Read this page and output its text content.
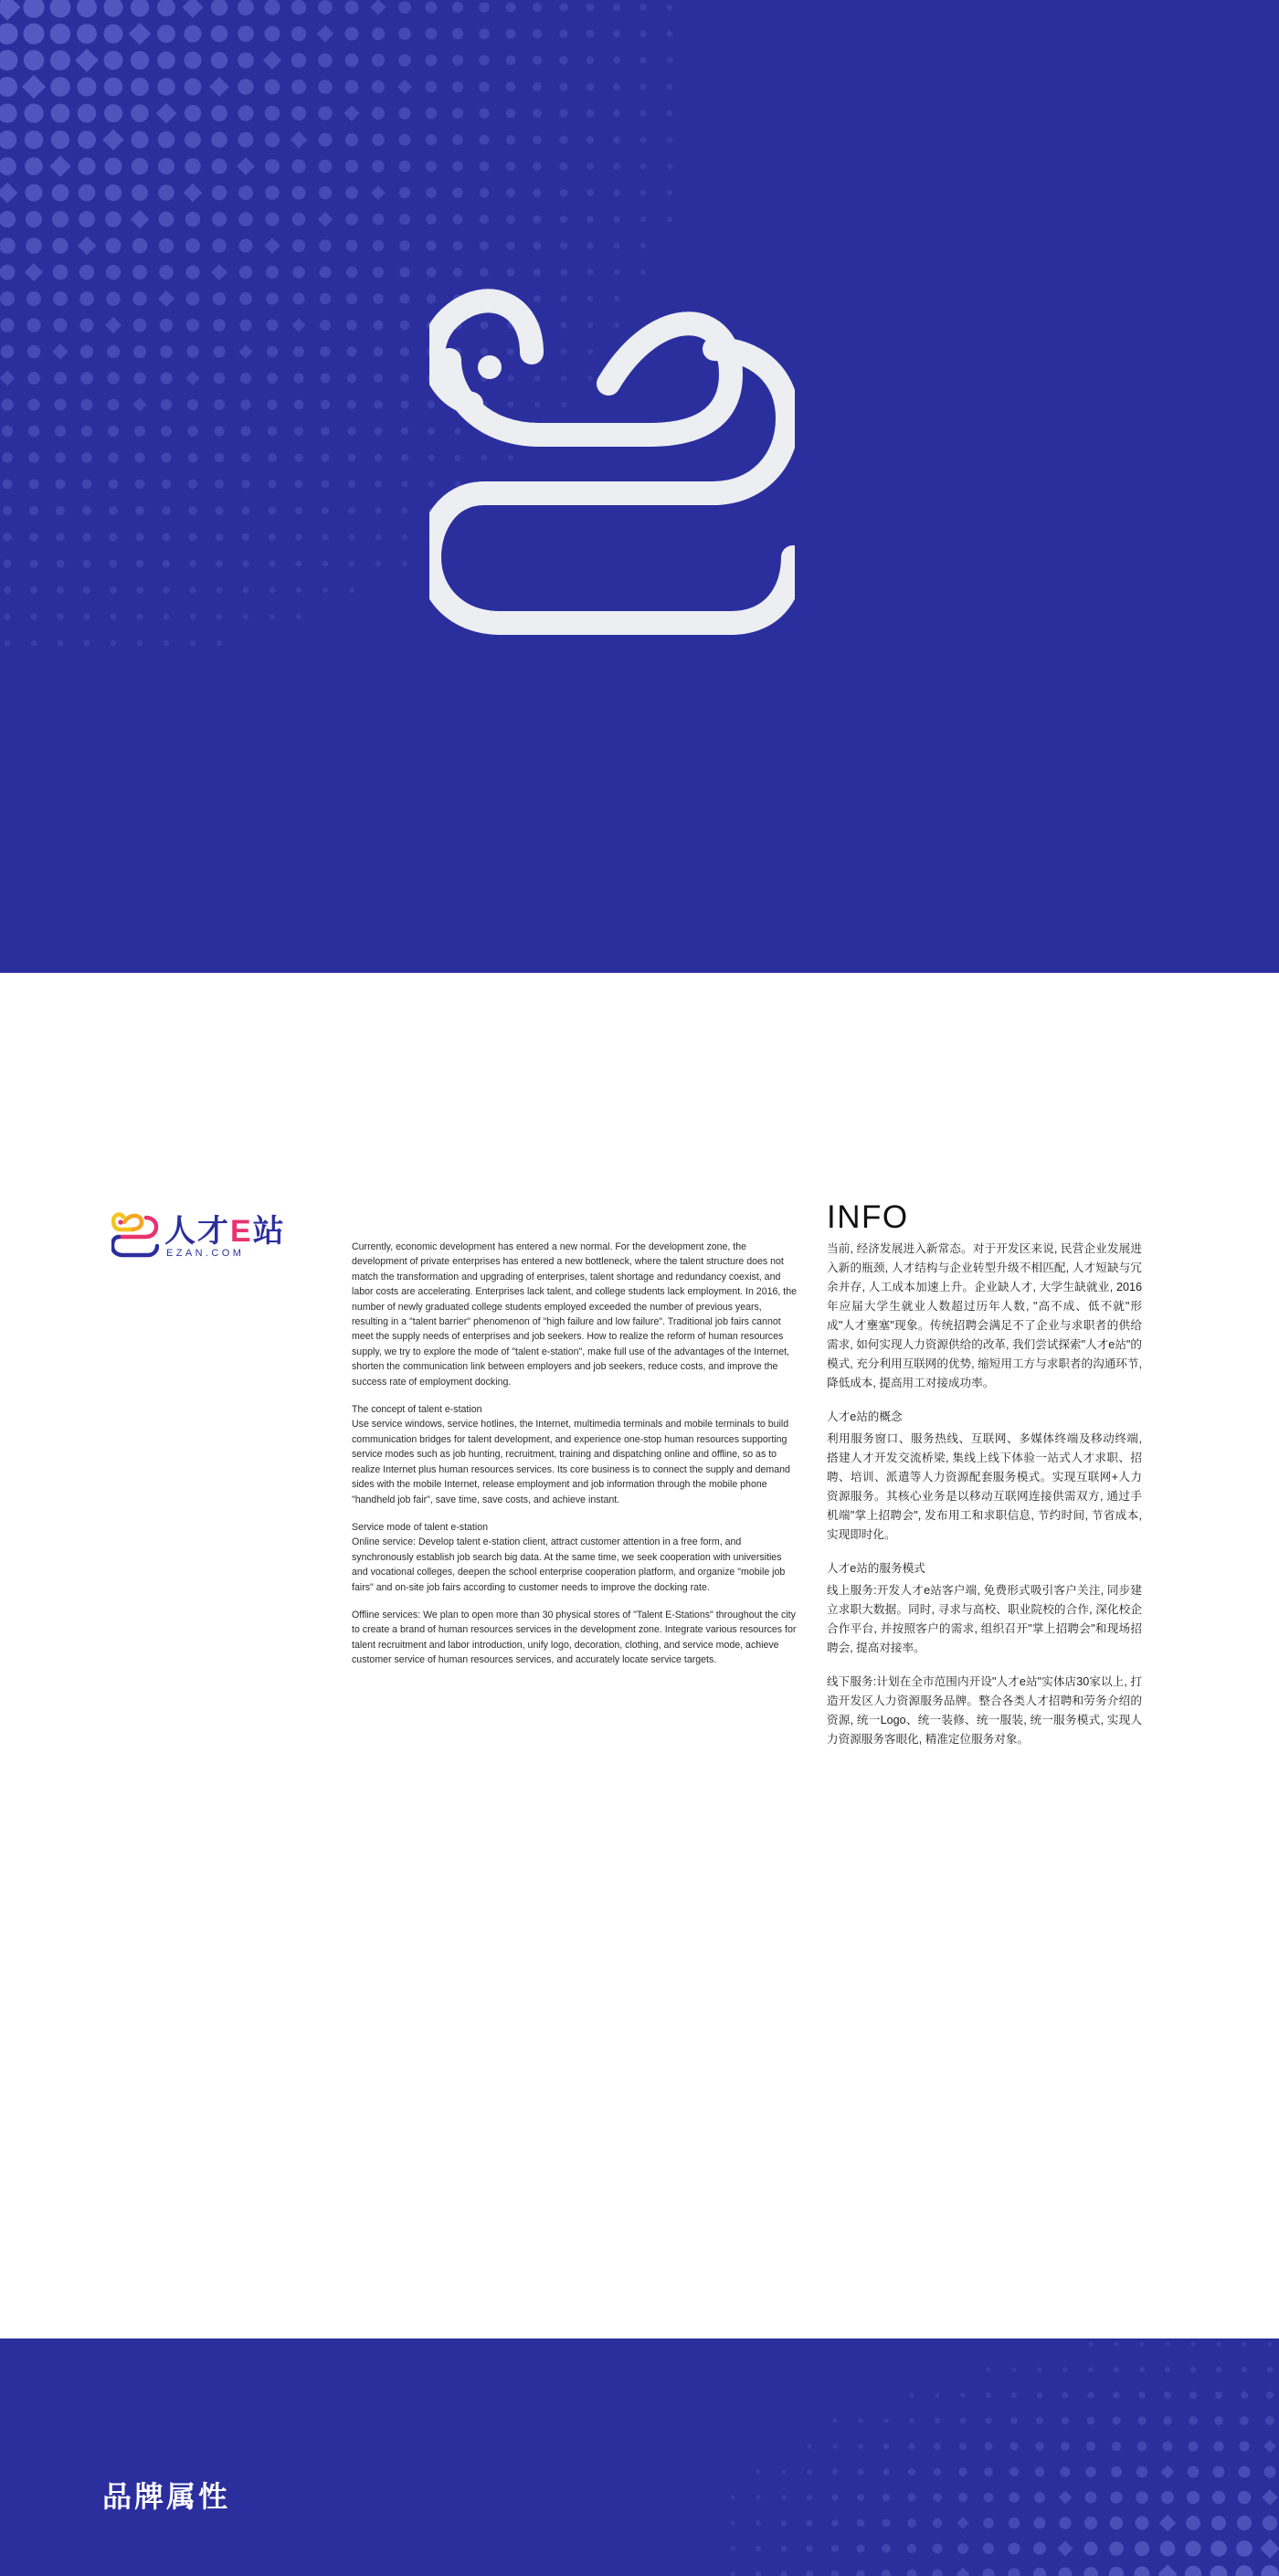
人才E站
EZAN.COM

Currently, economic development has entered a new normal. For the development zone, the development of private enterprises has entered a new bottleneck, where the talent structure does not match the transformation and upgrading of enterprises, talent shortage and redundancy coexist, and labor costs are accelerating. Enterprises lack talent, and college students lack employment. In 2016, the number of newly graduated college students employed exceeded the number of previous years, resulting in a "talent barrier" phenomenon of "high failure and low failure". Traditional job fairs cannot meet the supply needs of enterprises and job seekers. How to realize the reform of human resources supply, we try to explore the mode of "talent e-station", make full use of the advantages of the Internet, shorten the communication link between employers and job seekers, reduce costs, and improve the success rate of employment docking.

The concept of talent e-station

Use service windows, service hotlines, the Internet, multimedia terminals and mobile terminals to build communication bridges for talent development, and experience one-stop human resources supporting service modes such as job hunting, recruitment, training and dispatching online and offline, so as to realize Internet plus human resources services. Its core business is to connect the supply and demand sides with the mobile Internet, release employment and job information through the mobile phone "handheld job fair", save time, save costs, and achieve instant.

Service mode of talent e-station

Online service: Develop talent e-station client, attract customer attention in a free form, and synchronously establish job search big data. At the same time, we seek cooperation with universities and vocational colleges, deepen the school enterprise cooperation platform, and organize "mobile job fairs" and on-site job fairs according to customer needs to improve the docking rate.

Offline services: We plan to open more than 30 physical stores of "Talent E-Stations" throughout the city to create a brand of human resources services in the development zone. Integrate various resources for talent recruitment and labor introduction, unify logo, decoration, clothing, and service mode, achieve customer service of human resources services, and accurately locate service targets.

INFO

当前, 经济发展进入新常态。对于开发区来说, 民营企业发展进入新的瓶颈, 人才结构与企业转型升级不相匹配, 人才短缺与冗余并存, 人工成本加速上升。企业缺人才, 大学生缺就业, 2016年应届大学生就业人数超过历年人数, "高不成、低不就"形成"人才壅塞"现象。传统招聘会满足不了企业与求职者的供给需求, 如何实现人力资源供给的改革, 我们尝试探索"人才e站"的模式, 充分利用互联网的优势, 缩短用工方与求职者的沟通环节, 降低成本, 提高用工对接成功率。

人才e站的概念

利用服务窗口、服务热线、互联网、多媒体终端及移动终端, 搭建人才开发交流桥梁, 集线上线下体验一站式人才求职、招聘、培训、派遣等人力资源配套服务模式。实现互联网+人力资源服务。其核心业务是以移动互联网连接供需双方, 通过手机端"掌上招聘会", 发布用工和求职信息, 节约时间, 节省成本, 实现即时化。

人才e站的服务模式

线上服务:开发人才e站客户端, 免费形式吸引客户关注, 同步建立求职大数据。同时, 寻求与高校、职业院校的合作, 深化校企合作平台, 并按照客户的需求, 组织召开"掌上招聘会"和现场招聘会, 提高对接率。

线下服务:计划在全市范围内开设"人才e站"实体店30家以上, 打造开发区人力资源服务品牌。整合各类人才招聘和劳务介绍的资源, 统一Logo、统一装修、统一服装, 统一服务模式, 实现人力资源服务客眼化, 精准定位服务对象。

品牌属性
